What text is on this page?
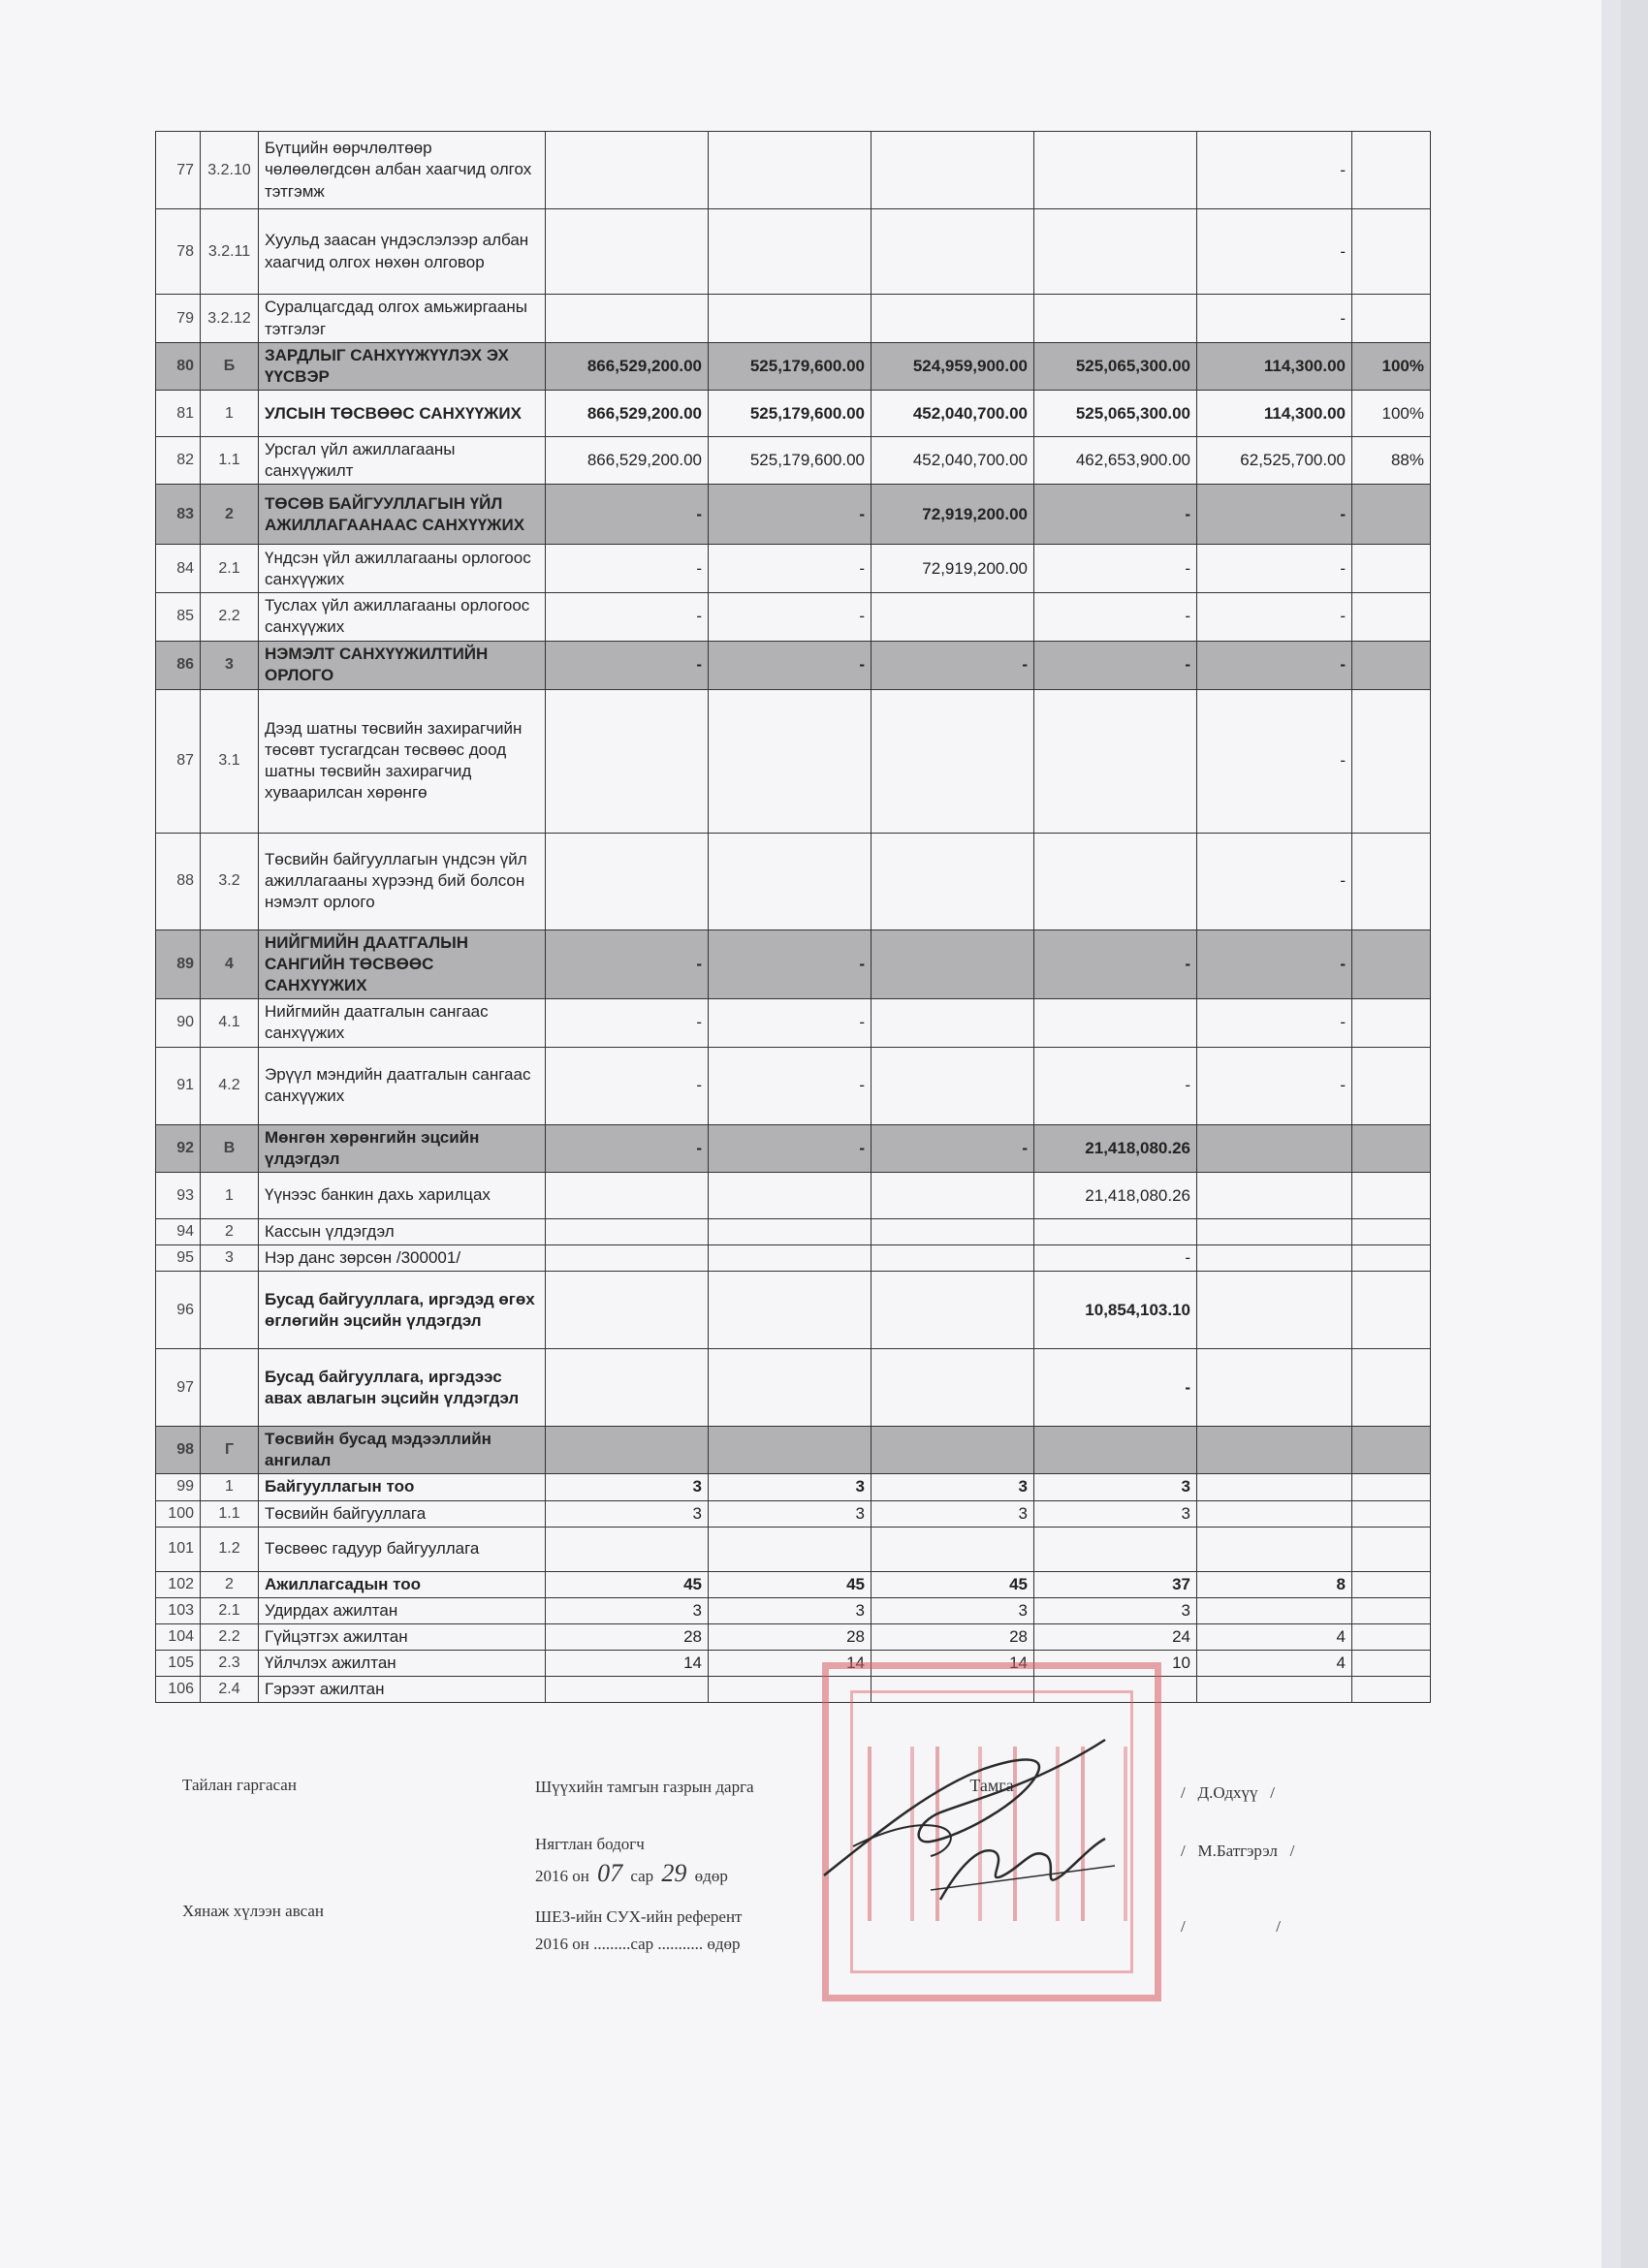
77	3.2.10	Бүтцийн өөрчлөлтөөр чөлөөлөгдсөн албан хаагчид олгох тэтгэмж					-	
78	3.2.11	Хуульд заасан үндэслэлээр албан хаагчид олгох нөхөн олговор					-	
79	3.2.12	Суралцагсдад олгох амьжиргааны тэтгэлэг					-	
80	Б	ЗАРДЛЫГ САНХҮҮЖҮҮЛЭХ ЭХ ҮҮСВЭР	866,529,200.00	525,179,600.00	524,959,900.00	525,065,300.00	114,300.00	100%
81	1	УЛСЫН ТӨСВӨӨС САНХҮҮЖИХ	866,529,200.00	525,179,600.00	452,040,700.00	525,065,300.00	114,300.00	100%
82	1.1	Урсгал үйл ажиллагааны санхүүжилт	866,529,200.00	525,179,600.00	452,040,700.00	462,653,900.00	62,525,700.00	88%
83	2	ТӨСӨВ БАЙГУУЛЛАГЫН ҮЙЛ АЖИЛЛАГААНААС САНХҮҮЖИХ	-	-	72,919,200.00	-	-	
84	2.1	Үндсэн үйл ажиллагааны орлогоос санхүүжих	-	-	72,919,200.00	-	-	
85	2.2	Туслах үйл ажиллагааны орлогоос санхүүжих	-	-		-	-	
86	3	НЭМЭЛТ САНХҮҮЖИЛТИЙН ОРЛОГО	-	-	-	-	-	
87	3.1	Дээд шатны төсвийн захирагчийн төсөвт тусгагдсан төсвөөс доод шатны төсвийн захирагчид хуваарилсан хөрөнгө					-	
88	3.2	Төсвийн байгууллагын үндсэн үйл ажиллагааны хүрээнд бий болсон нэмэлт орлого					-	
89	4	НИЙГМИЙН ДААТГАЛЫН САНГИЙН ТӨСВӨӨС САНХҮҮЖИХ	-	-		-	-	
90	4.1	Нийгмийн даатгалын сангаас санхүүжих	-	-			-	
91	4.2	Эрүүл мэндийн даатгалын сангаас санхүүжих	-	-		-	-	
92	В	Мөнгөн хөрөнгийн эцсийн үлдэгдэл	-	-	-	21,418,080.26		
93	1	Үүнээс банкин дахь харилцах				21,418,080.26		
94	2	Кассын үлдэгдэл						
95	3	Нэр данс зөрсөн /300001/				-		
96		Бусад байгууллага, иргэдэд өгөх өглөгийн эцсийн үлдэгдэл				10,854,103.10		
97		Бусад байгууллага, иргэдээс авах авлагын эцсийн үлдэгдэл				-		
98	Г	Төсвийн бусад мэдээллийн ангилал						
99	1	Байгууллагын тоо	3	3	3	3		
100	1.1	Төсвийн байгууллага	3	3	3	3		
101	1.2	Төсвөөс гадуур байгууллага						
102	2	Ажиллагсадын тоо	45	45	45	37	8	
103	2.1	Удирдах ажилтан	3	3	3	3		
104	2.2	Гүйцэтгэх ажилтан	28	28	28	24	4	
105	2.3	Үйлчлэх ажилтан	14	14	14	10	4	
106	2.4	Гэрээт ажилтан						
Тайлан гаргасан
Хянаж хүлээн авсан
Шүүхийн тамгын газрын дарга
Нягтлан бодогч
2016 он 07 сар 29 өдөр
ШЕЗ-ийн СУХ-ийн референт
2016 он .........сар ........... өдөр
/   Д.Одхүү   /
/   М.Батгэрэл   /
/                      /
Тамга
